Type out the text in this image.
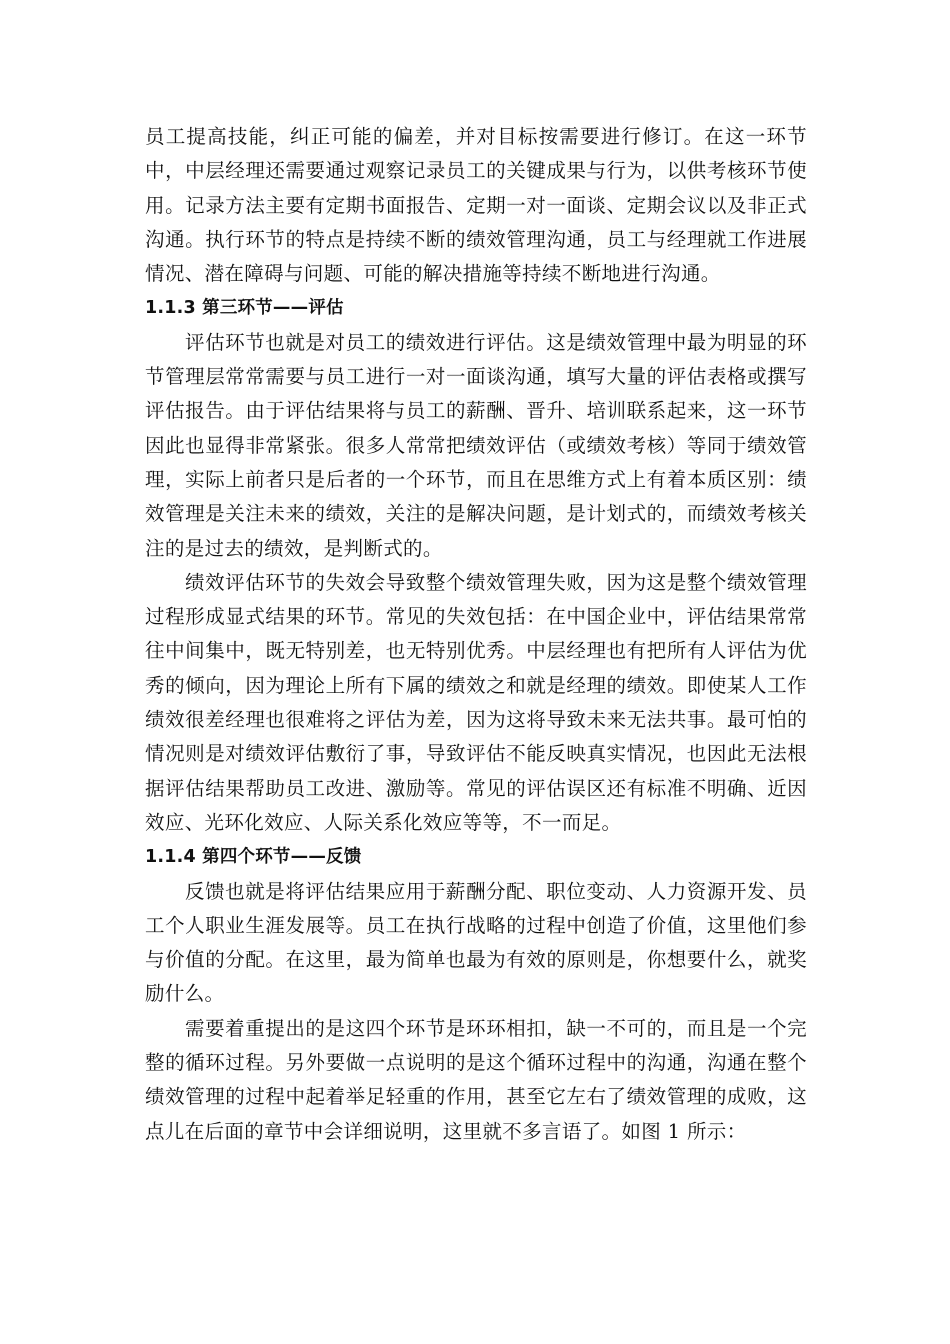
员工提高技能，纠正可能的偏差，并对目标按需要进行修订。在这一环节中，中层经理还需要通过观察记录员工的关键成果与行为，以供考核环节使用。记录方法主要有定期书面报告、定期一对一面谈、定期会议以及非正式沟通。执行环节的特点是持续不断的绩效管理沟通，员工与经理就工作进展情况、潜在障碍与问题、可能的解决措施等持续不断地进行沟通。

1.1.3 第三环节——评估

评估环节也就是对员工的绩效进行评估。这是绩效管理中最为明显的环节管理层常常需要与员工进行一对一面谈沟通，填写大量的评估表格或撰写评估报告。由于评估结果将与员工的薪酬、晋升、培训联系起来，这一环节因此也显得非常紧张。很多人常常把绩效评估（或绩效考核）等同于绩效管理，实际上前者只是后者的一个环节，而且在思维方式上有着本质区别：绩效管理是关注未来的绩效，关注的是解决问题，是计划式的，而绩效考核关注的是过去的绩效，是判断式的。

绩效评估环节的失效会导致整个绩效管理失败，因为这是整个绩效管理过程形成显式结果的环节。常见的失效包括：在中国企业中，评估结果常常往中间集中，既无特别差，也无特别优秀。中层经理也有把所有人评估为优秀的倾向，因为理论上所有下属的绩效之和就是经理的绩效。即使某人工作绩效很差经理也很难将之评估为差，因为这将导致未来无法共事。最可怕的情况则是对绩效评估敷衍了事，导致评估不能反映真实情况，也因此无法根据评估结果帮助员工改进、激励等。常见的评估误区还有标准不明确、近因效应、光环化效应、人际关系化效应等等，不一而足。

1.1.4 第四个环节——反馈

反馈也就是将评估结果应用于薪酬分配、职位变动、人力资源开发、员工个人职业生涯发展等。员工在执行战略的过程中创造了价值，这里他们参与价值的分配。在这里，最为简单也最为有效的原则是，你想要什么，就奖励什么。

需要着重提出的是这四个环节是环环相扣，缺一不可的，而且是一个完整的循环过程。另外要做一点说明的是这个循环过程中的沟通，沟通在整个绩效管理的过程中起着举足轻重的作用，甚至它左右了绩效管理的成败，这点儿在后面的章节中会详细说明，这里就不多言语了。如图 1 所示：
